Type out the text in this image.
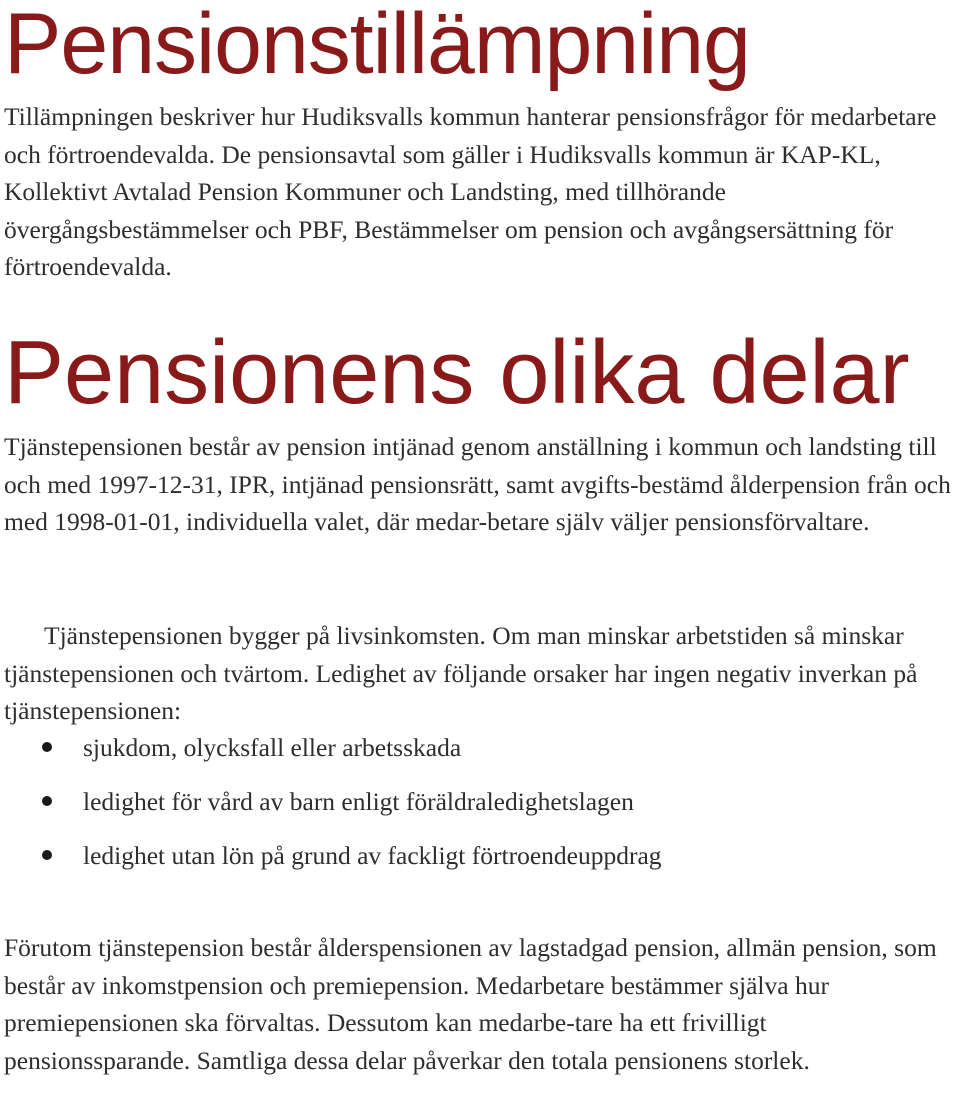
Pensionstillämpning

Tillämpningen beskriver hur Hudiksvalls kommun hanterar pensionsfrågor för medarbetare och förtroendevalda. De pensionsavtal som gäller i Hudiksvalls kommun är KAP-KL, Kollektivt Avtalad Pension Kommuner och Landsting, med tillhörande övergångsbestämmelser och PBF, Bestämmelser om pension och avgångsersättning för förtroendevalda.

Pensionens olika delar

Tjänstepensionen består av pension intjänad genom anställning i kommun och landsting till och med 1997-12-31, IPR, intjänad pensionsrätt, samt avgifts-bestämd ålderpension från och med 1998-01-01, individuella valet, där medar-betare själv väljer pensionsförvaltare.

Tjänstepensionen bygger på livsinkomsten. Om man minskar arbetstiden så minskar tjänstepensionen och tvärtom. Ledighet av följande orsaker har ingen negativ inverkan på tjänstepensionen:

sjukdom, olycksfall eller arbetsskada
ledighet för vård av barn enligt föräldraledighetslagen
ledighet utan lön på grund av fackligt förtroendeuppdrag

Förutom tjänstepension består ålderspensionen av lagstadgad pension, allmän pension, som består av inkomstpension och premiepension. Medarbetare bestämmer själva hur premiepensionen ska förvaltas. Dessutom kan medarbe-tare ha ett frivilligt pensionssparande. Samtliga dessa delar påverkar den totala pensionens storlek.
